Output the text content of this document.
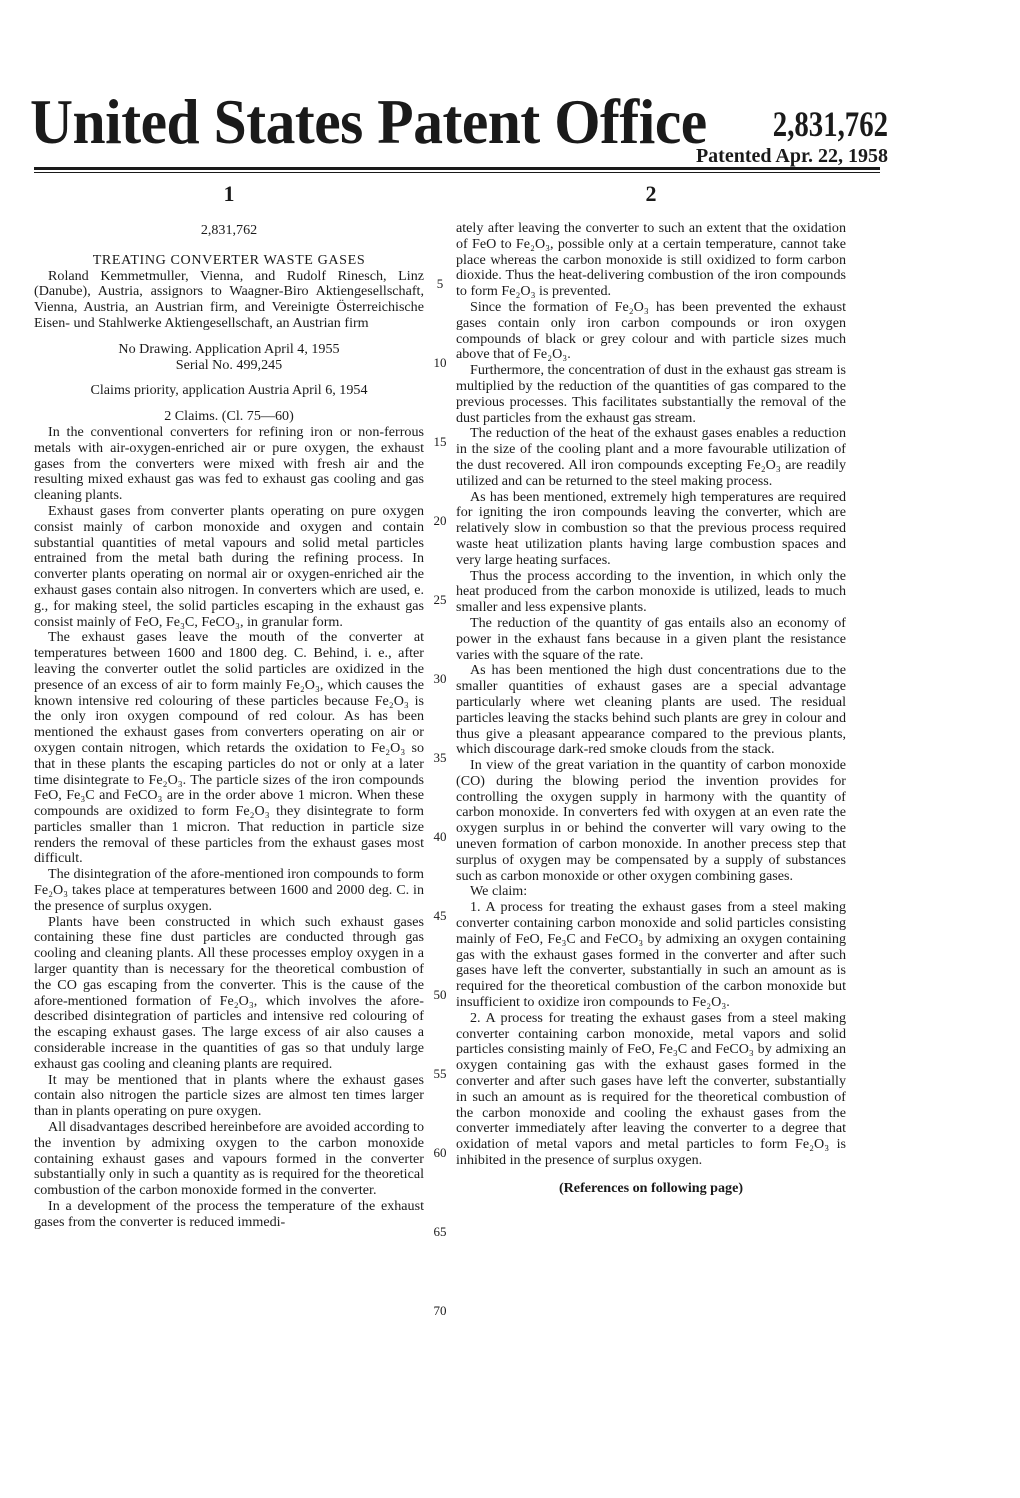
United States Patent Office 2,831,762
Patented Apr. 22, 1958
1

2,831,762

TREATING CONVERTER WASTE GASES

Roland Kemmetmuller, Vienna, and Rudolf Rinesch, Linz (Danube), Austria, assignors to Waagner-Biro Aktiengesellschaft, Vienna, Austria, an Austrian firm, and Vereinigte Österreichische Eisen- und Stahlwerke Aktiengesellschaft, an Austrian firm

No Drawing. Application April 4, 1955

Serial No. 499,245

Claims priority, application Austria April 6, 1954

2 Claims. (Cl. 75—60)

In the conventional converters for refining iron or non-ferrous metals with air-oxygen-enriched air or pure oxygen, the exhaust gases from the converters were mixed with fresh air and the resulting mixed exhaust gas was fed to exhaust gas cooling and gas cleaning plants.

Exhaust gases from converter plants operating on pure oxygen consist mainly of carbon monoxide and oxygen and contain substantial quantities of metal vapours and solid metal particles entrained from the metal bath during the refining process. In converter plants operating on normal air or oxygen-enriched air the exhaust gases contain also nitrogen. In converters which are used, e. g., for making steel, the solid particles escaping in the exhaust gas consist mainly of FeO, Fe₃C, FeCO₃, in granular form.

The exhaust gases leave the mouth of the converter at temperatures between 1600 and 1800 deg. C. Behind, i. e., after leaving the converter outlet the solid particles are oxidized in the presence of an excess of air to form mainly Fe₂O₃, which causes the known intensive red colouring of these particles because Fe₂O₃ is the only iron oxygen compound of red colour. As has been mentioned the exhaust gases from converters operating on air or oxygen contain nitrogen, which retards the oxidation to Fe₂O₃ so that in these plants the escaping particles do not or only at a later time disintegrate to Fe₂O₃. The particle sizes of the iron compounds FeO, Fe₃C and FeCO₃ are in the order above 1 micron. When these compounds are oxidized to form Fe₂O₃ they disintegrate to form particles smaller than 1 micron. That reduction in particle size renders the removal of these particles from the exhaust gases most difficult.

The disintegration of the afore-mentioned iron compounds to form Fe₂O₃ takes place at temperatures between 1600 and 2000 deg. C. in the presence of surplus oxygen.

Plants have been constructed in which such exhaust gases containing these fine dust particles are conducted through gas cooling and cleaning plants. All these processes employ oxygen in a larger quantity than is necessary for the theoretical combustion of the CO gas escaping from the converter. This is the cause of the afore-mentioned formation of Fe₂O₃, which involves the afore-described disintegration of particles and intensive red colouring of the escaping exhaust gases. The large excess of air also causes a considerable increase in the quantities of gas so that unduly large exhaust gas cooling and cleaning plants are required.

It may be mentioned that in plants where the exhaust gases contain also nitrogen the particle sizes are almost ten times larger than in plants operating on pure oxygen.

All disadvantages described hereinbefore are avoided according to the invention by admixing oxygen to the carbon monoxide containing exhaust gases and vapours formed in the converter substantially only in such a quantity as is required for the theoretical combustion of the carbon monoxide formed in the converter.

In a development of the process the temperature of the exhaust gases from the converter is reduced immedi-

2

ately after leaving the converter to such an extent that the oxidation of FeO to Fe₂O₃, possible only at a certain temperature, cannot take place whereas the carbon monoxide is still oxidized to form carbon dioxide. Thus the heat-delivering combustion of the iron compounds to form Fe₂O₃ is prevented.

Since the formation of Fe₂O₃ has been prevented the exhaust gases contain only iron carbon compounds or iron oxygen compounds of black or grey colour and with particle sizes much above that of Fe₂O₃.

Furthermore, the concentration of dust in the exhaust gas stream is multiplied by the reduction of the quantities of gas compared to the previous processes. This facilitates substantially the removal of the dust particles from the exhaust gas stream.

The reduction of the heat of the exhaust gases enables a reduction in the size of the cooling plant and a more favourable utilization of the dust recovered. All iron compounds excepting Fe₂O₃ are readily utilized and can be returned to the steel making process.

As has been mentioned, extremely high temperatures are required for igniting the iron compounds leaving the converter, which are relatively slow in combustion so that the previous process required waste heat utilization plants having large combustion spaces and very large heating surfaces.

Thus the process according to the invention, in which only the heat produced from the carbon monoxide is utilized, leads to much smaller and less expensive plants.

The reduction of the quantity of gas entails also an economy of power in the exhaust fans because in a given plant the resistance varies with the square of the rate.

As has been mentioned the high dust concentrations due to the smaller quantities of exhaust gases are a special advantage particularly where wet cleaning plants are used. The residual particles leaving the stacks behind such plants are grey in colour and thus give a pleasant appearance compared to the previous plants, which discourage dark-red smoke clouds from the stack.

In view of the great variation in the quantity of carbon monoxide (CO) during the blowing period the invention provides for controlling the oxygen supply in harmony with the quantity of carbon monoxide. In converters fed with oxygen at an even rate the oxygen surplus in or behind the converter will vary owing to the uneven formation of carbon monoxide. In another precess step that surplus of oxygen may be compensated by a supply of substances such as carbon monoxide or other oxygen combining gases.

We claim:

1. A process for treating the exhaust gases from a steel making converter containing carbon monoxide and solid particles consisting mainly of FeO, Fe₃C and FeCO₃ by admixing an oxygen containing gas with the exhaust gases formed in the converter and after such gases have left the converter, substantially in such an amount as is required for the theoretical combustion of the carbon monoxide but insufficient to oxidize iron compounds to Fe₂O₃.

2. A process for treating the exhaust gases from a steel making converter containing carbon monoxide, metal vapors and solid particles consisting mainly of FeO, Fe₃C and FeCO₃ by admixing an oxygen containing gas with the exhaust gases formed in the converter and after such gases have left the converter, substantially in such an amount as is required for the theoretical combustion of the carbon monoxide and cooling the exhaust gases from the converter immediately after leaving the converter to a degree that oxidation of metal vapors and metal particles to form Fe₂O₃ is inhibited in the presence of surplus oxygen.

(References on following page)
5
10
15
20
25
30
35
40
45
50
55
60
65
70
